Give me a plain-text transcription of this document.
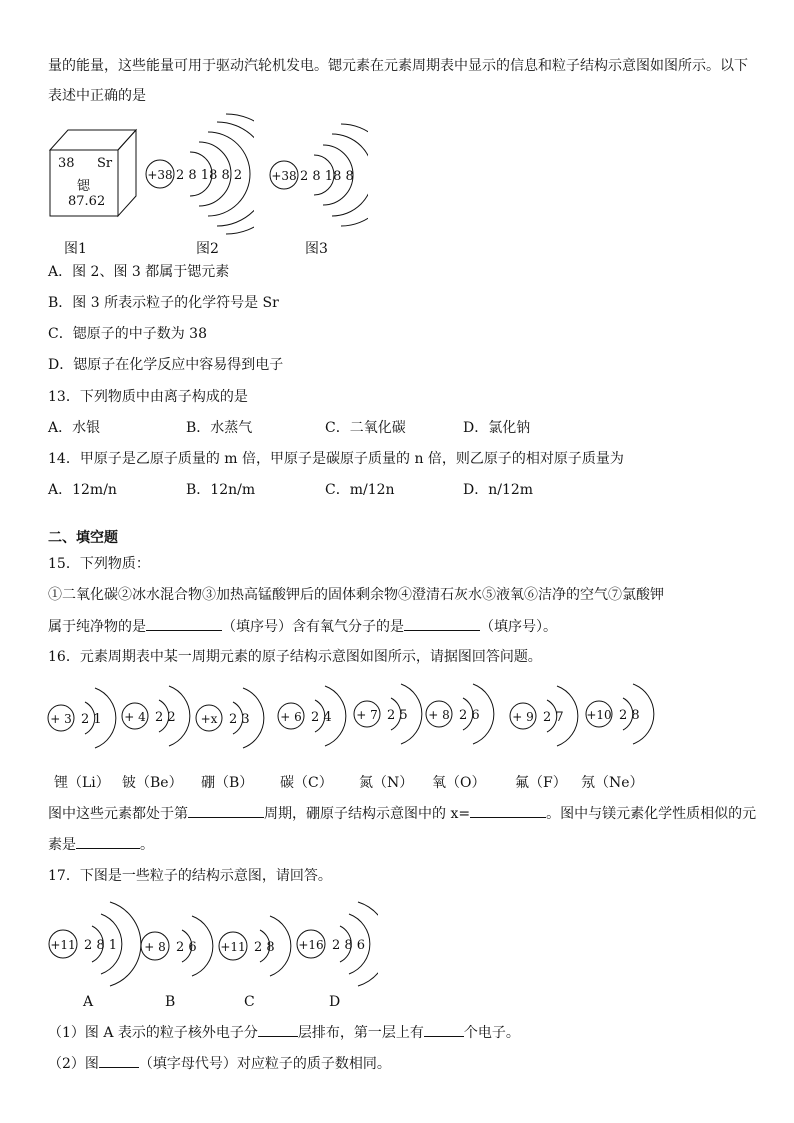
量的能量，这些能量可用于驱动汽轮机发电。锶元素在元素周期表中显示的信息和粒子结构示意图如图所示。以下
表述中正确的是
38 Sr
锶
87.62
+38 2 8 18 8 2 +38 2 8 18 8
图1	图2	图3
A．图 2、图 3 都属于锶元素
B．图 3 所表示粒子的化学符号是 Sr
C．锶原子的中子数为 38
D．锶原子在化学反应中容易得到电子
13．下列物质中由离子构成的是
A．水银	B．水蒸气	C．二氧化碳	D．氯化钠
14．甲原子是乙原子质量的 m 倍，甲原子是碳原子质量的 n 倍，则乙原子的相对原子质量为
A．12m/n	B．12n/m	C．m/12n	D．n/12m
二、填空题
15．下列物质：
①二氧化碳②冰水混合物③加热高锰酸钾后的固体剩余物④澄清石灰水⑤液氧⑥洁净的空气⑦氯酸钾
属于纯净物的是	（填序号）含有氧气分子的是	（填序号）。
16．元素周期表中某一周期元素的原子结构示意图如图所示，请据图回答问题。
+ 3 2 1 + 4 2 2 +x 2 3	+ 6 2 4 + 7 2 5 + 8 2 6	+ 9 2 7 +10 2 8
锂（Li） 铍（Be） 硼（B） 碳（C） 氮（N） 氧（O） 氟（F） 氖（Ne）
图中这些元素都处于第	周期，硼原子结构示意图中的 x=	。图中与镁元素化学性质相似的元
素是	。
17．下图是一些粒子的结构示意图，请回答。
+11 2 8 1 + 8 2 6 +11 2 8 +16 2 8 6
A	B	C	D
（1）图 A 表示的粒子核外电子分	层排布，第一层上有	个电子。
（2）图	（填字母代号）对应粒子的质子数相同。
